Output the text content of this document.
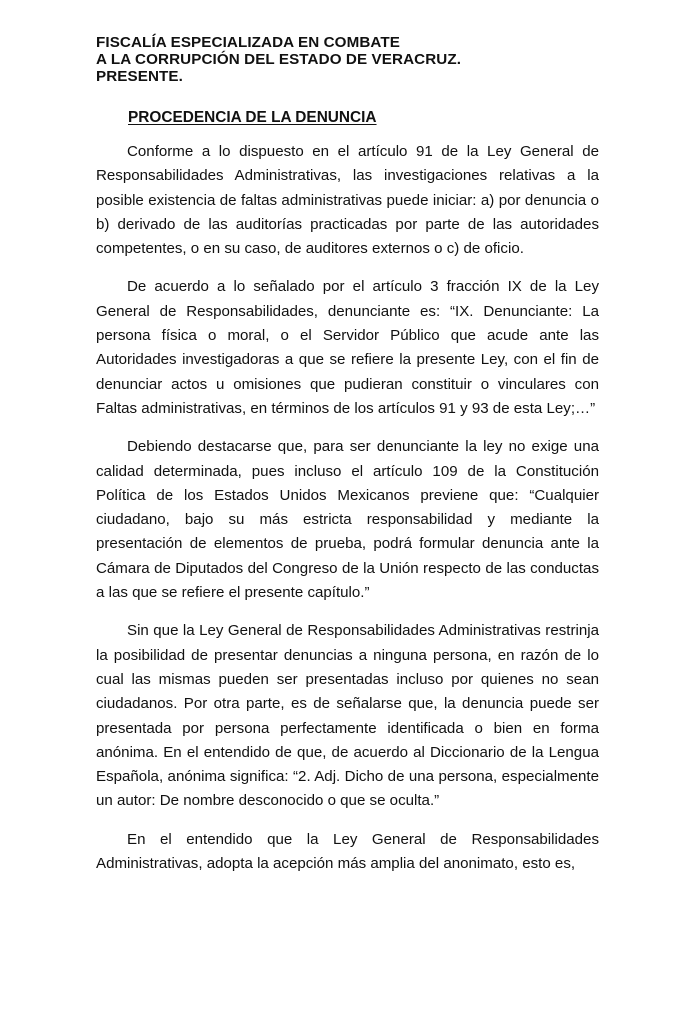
FISCALÍA ESPECIALIZADA EN COMBATE
A LA CORRUPCIÓN DEL ESTADO DE VERACRUZ.
PRESENTE.
PROCEDENCIA DE LA DENUNCIA

Conforme a lo dispuesto en el artículo 91 de la Ley General de Responsabilidades Administrativas, las investigaciones relativas a la posible existencia de faltas administrativas puede iniciar: a) por denuncia o b) derivado de las auditorías practicadas por parte de las autoridades competentes, o en su caso, de auditores externos o c) de oficio.

De acuerdo a lo señalado por el artículo 3 fracción IX de la Ley General de Responsabilidades, denunciante es: “IX. Denunciante: La persona física o moral, o el Servidor Público que acude ante las Autoridades investigadoras a que se refiere la presente Ley, con el fin de denunciar actos u omisiones que pudieran constituir o vinculares con Faltas administrativas, en términos de los artículos 91 y 93 de esta Ley;…”

Debiendo destacarse que, para ser denunciante la ley no exige una calidad determinada, pues incluso el artículo 109 de la Constitución Política de los Estados Unidos Mexicanos previene que: “Cualquier ciudadano, bajo su más estricta responsabilidad y mediante la presentación de elementos de prueba, podrá formular denuncia ante la Cámara de Diputados del Congreso de la Unión respecto de las conductas a las que se refiere el presente capítulo.”

Sin que la Ley General de Responsabilidades Administrativas restrinja la posibilidad de presentar denuncias a ninguna persona, en razón de lo cual las mismas pueden ser presentadas incluso por quienes no sean ciudadanos. Por otra parte, es de señalarse que, la denuncia puede ser presentada por persona perfectamente identificada o bien en forma anónima. En el entendido de que, de acuerdo al Diccionario de la Lengua Española, anónima significa: “2. Adj. Dicho de una persona, especialmente un autor: De nombre desconocido o que se oculta.”

En el entendido que la Ley General de Responsabilidades Administrativas, adopta la acepción más amplia del anonimato, esto es,
